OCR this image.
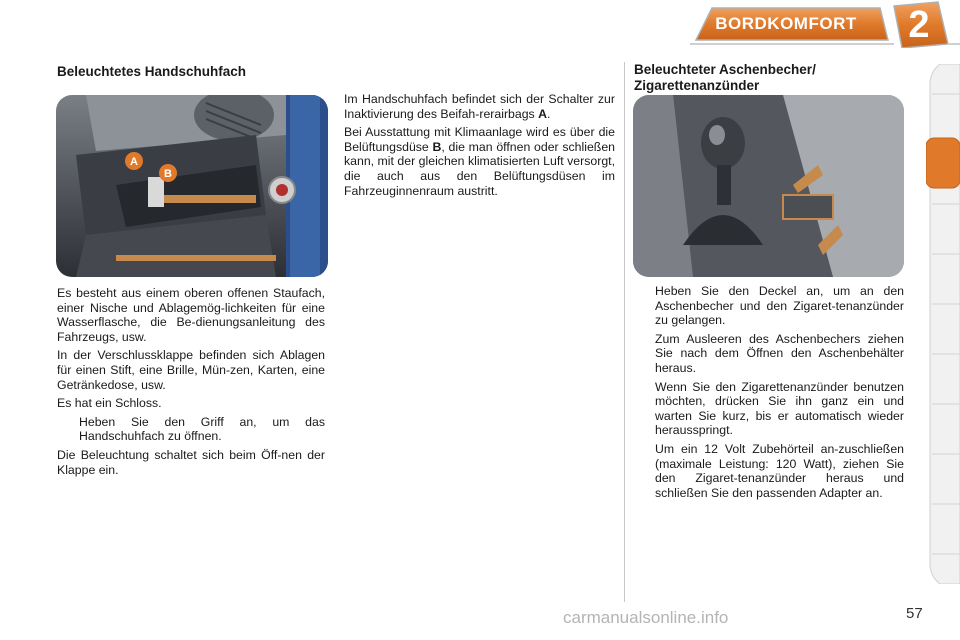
BORDKOMFORT	2
Beleuchtetes Handschuhfach
A
B

Es besteht aus einem oberen offenen Staufach, einer Nische und Ablagemög-lichkeiten für eine Wasserflasche, die Be-dienungsanleitung des Fahrzeugs, usw.

In der Verschlussklappe befinden sich Ablagen für einen Stift, eine Brille, Mün-zen, Karten, eine Getränkedose, usw.

Es hat ein Schloss.

Heben Sie den Griff an, um das Handschuhfach zu öffnen.

Die Beleuchtung schaltet sich beim Öff-nen der Klappe ein.

Im Handschuhfach befindet sich der Schalter zur Inaktivierung des Beifah-rerairbags A.

Bei Ausstattung mit Klimaanlage wird es über die Belüftungsdüse B, die man öffnen oder schließen kann, mit der gleichen klimatisierten Luft versorgt, die auch aus den Belüftungsdüsen im Fahrzeuginnenraum austritt.

Beleuchteter Aschenbecher/
Zigarettenanzünder
Heben Sie den Deckel an, um an den Aschenbecher und den Zigaret-tenanzünder zu gelangen.
Zum Ausleeren des Aschenbechers ziehen Sie nach dem Öffnen den Aschenbehälter heraus.
Wenn Sie den Zigarettenanzünder benutzen möchten, drücken Sie ihn ganz ein und warten Sie kurz, bis er automatisch wieder herausspringt.
Um ein 12 Volt Zubehörteil an-zuschließen (maximale Leistung: 120 Watt), ziehen Sie den Zigaret-tenanzünder heraus und schließen Sie den passenden Adapter an.
carmanualsonline.info	57
